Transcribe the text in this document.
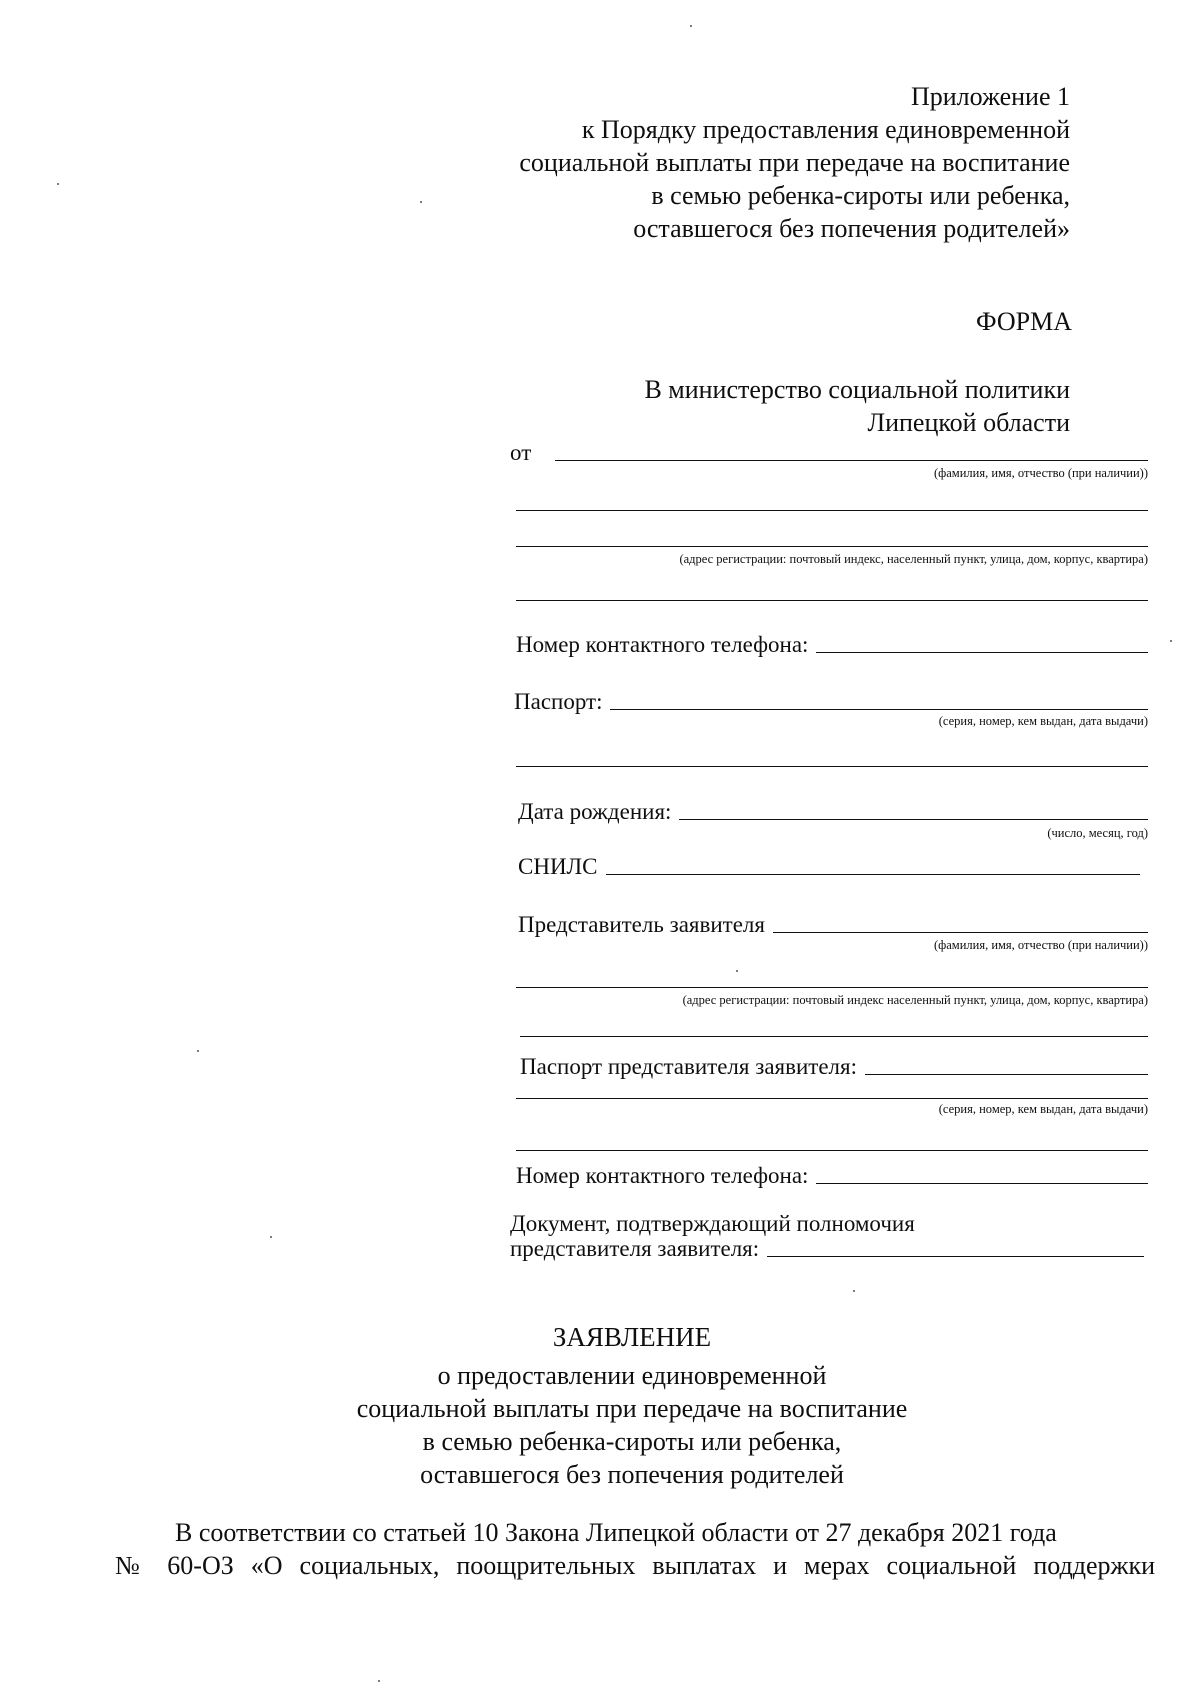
Приложение 1
к Порядку предоставления единовременной
социальной выплаты при передаче на воспитание
в семью ребенка-сироты или ребенка,
оставшегося без попечения родителей»
ФОРМА
В министерство социальной политики
Липецкой области
от
(фамилия, имя, отчество (при наличии))
(адрес регистрации: почтовый индекс, населенный пункт, улица, дом, корпус, квартира)
Номер контактного телефона:
Паспорт:
(серия, номер, кем выдан, дата выдачи)
Дата рождения:
(число, месяц, год)
СНИЛС
Представитель заявителя
(фамилия, имя, отчество (при наличии))
(адрес регистрации: почтовый индекс населенный пункт, улица, дом, корпус, квартира)
Паспорт представителя заявителя:
(серия, номер, кем выдан, дата выдачи)
Номер контактного телефона:
Документ, подтверждающий полномочия
представителя заявителя:
ЗАЯВЛЕНИЕ
о предоставлении единовременной
социальной выплаты при передаче на воспитание
в семью ребенка-сироты или ребенка,
оставшегося без попечения родителей
В соответствии со статьей 10 Закона Липецкой области от 27 декабря 2021 года
№ 60-ОЗ «О социальных, поощрительных выплатах и мерах социальной поддержки
